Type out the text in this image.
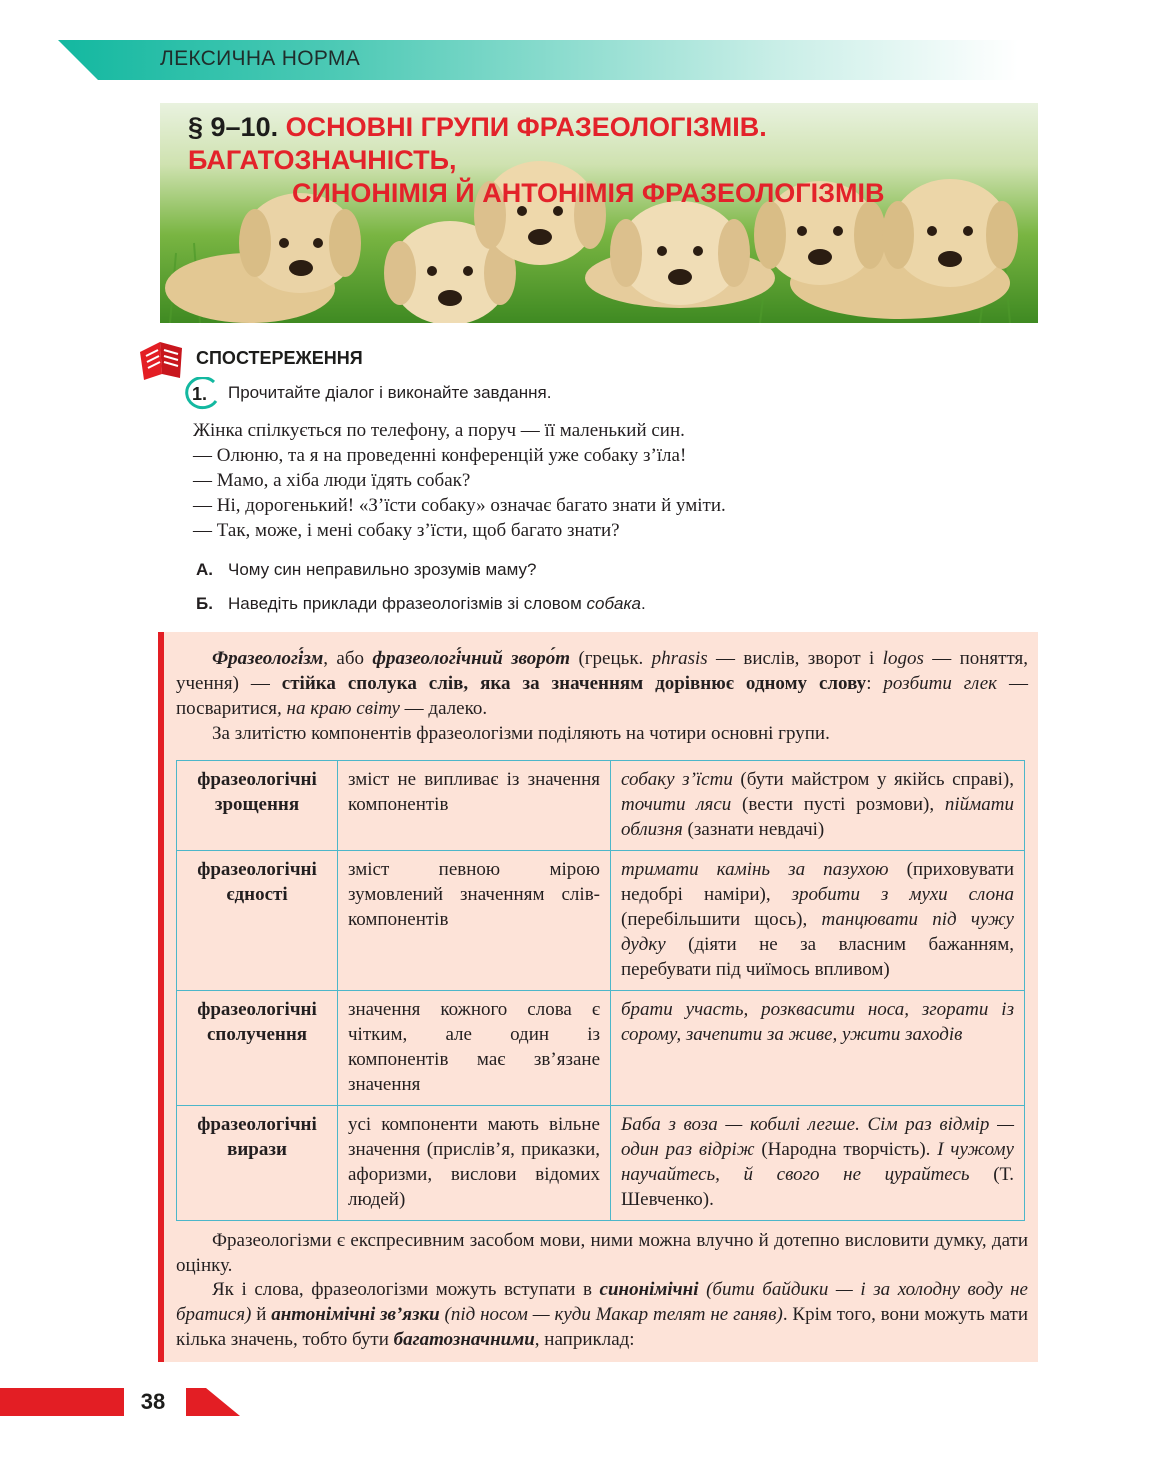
ЛЕКСИЧНА НОРМА
§ 9–10. ОСНОВНІ ГРУПИ ФРАЗЕОЛОГІЗМІВ. БАГАТОЗНАЧНІСТЬ,
СИНОНІМІЯ Й АНТОНІМІЯ ФРАЗЕОЛОГІЗМІВ
СПОСТЕРЕЖЕННЯ
1. Прочитайте діалог і виконайте завдання.
Жінка спілкується по телефону, а поруч — її маленький син.
— Олюню, та я на проведенні конференцій уже собаку з’їла!
— Мамо, а хіба люди їдять собак?
— Ні, дорогенький! «З’їсти собаку» означає багато знати й уміти.
— Так, може, і мені собаку з’їсти, щоб багато знати?
А. Чому син неправильно зрозумів маму?
Б. Наведіть приклади фразеологізмів зі словом собака.
Фразеологі́зм, або фразеологі́чний зворо́т (грецьк. phrasis — вислів, зворот і logos — поняття, учення) — стійка сполука слів, яка за значенням дорівнює одному слову: розбити глек — посваритися, на краю світу — далеко.
За злитістю компонентів фразеологізми поділяють на чотири основні групи.
фразеологічні зрощення	зміст не випливає із значення компонентів	собаку з’їсти (бути майстром у якійсь справі), точити ляси (вести пусті розмови), піймати облизня (зазнати невдачі)
фразеологічні єдності	зміст певною мірою зумовлений значенням слів-компонентів	тримати камінь за пазухою (приховувати недобрі наміри), зробити з мухи слона (перебільшити щось), танцювати під чужу дудку (діяти не за власним бажанням, перебувати під чиїмось впливом)
фразеологічні сполучення	значення кожного слова є чітким, але один із компонентів має зв’язане значення	брати участь, розквасити носа, згорати із сорому, зачепити за живе, ужити заходів
фразеологічні вирази	усі компоненти мають вільне значення (прислів’я, приказки, афоризми, вислови відомих людей)	Баба з воза — кобилі легше. Сім раз відмір — один раз відріж (Народна творчість). І чужому научайтесь, й свого не цурайтесь (Т. Шевченко).
Фразеологізми є експресивним засобом мови, ними можна влучно й дотепно висловити думку, дати оцінку.
Як і слова, фразеологізми можуть вступати в синонімічні (бити байдики — і за холодну воду не братися) й антонімічні зв’язки (під носом — куди Макар телят не ганяв). Крім того, вони можуть мати кілька значень, тобто бути багатозначними, наприклад:
38
